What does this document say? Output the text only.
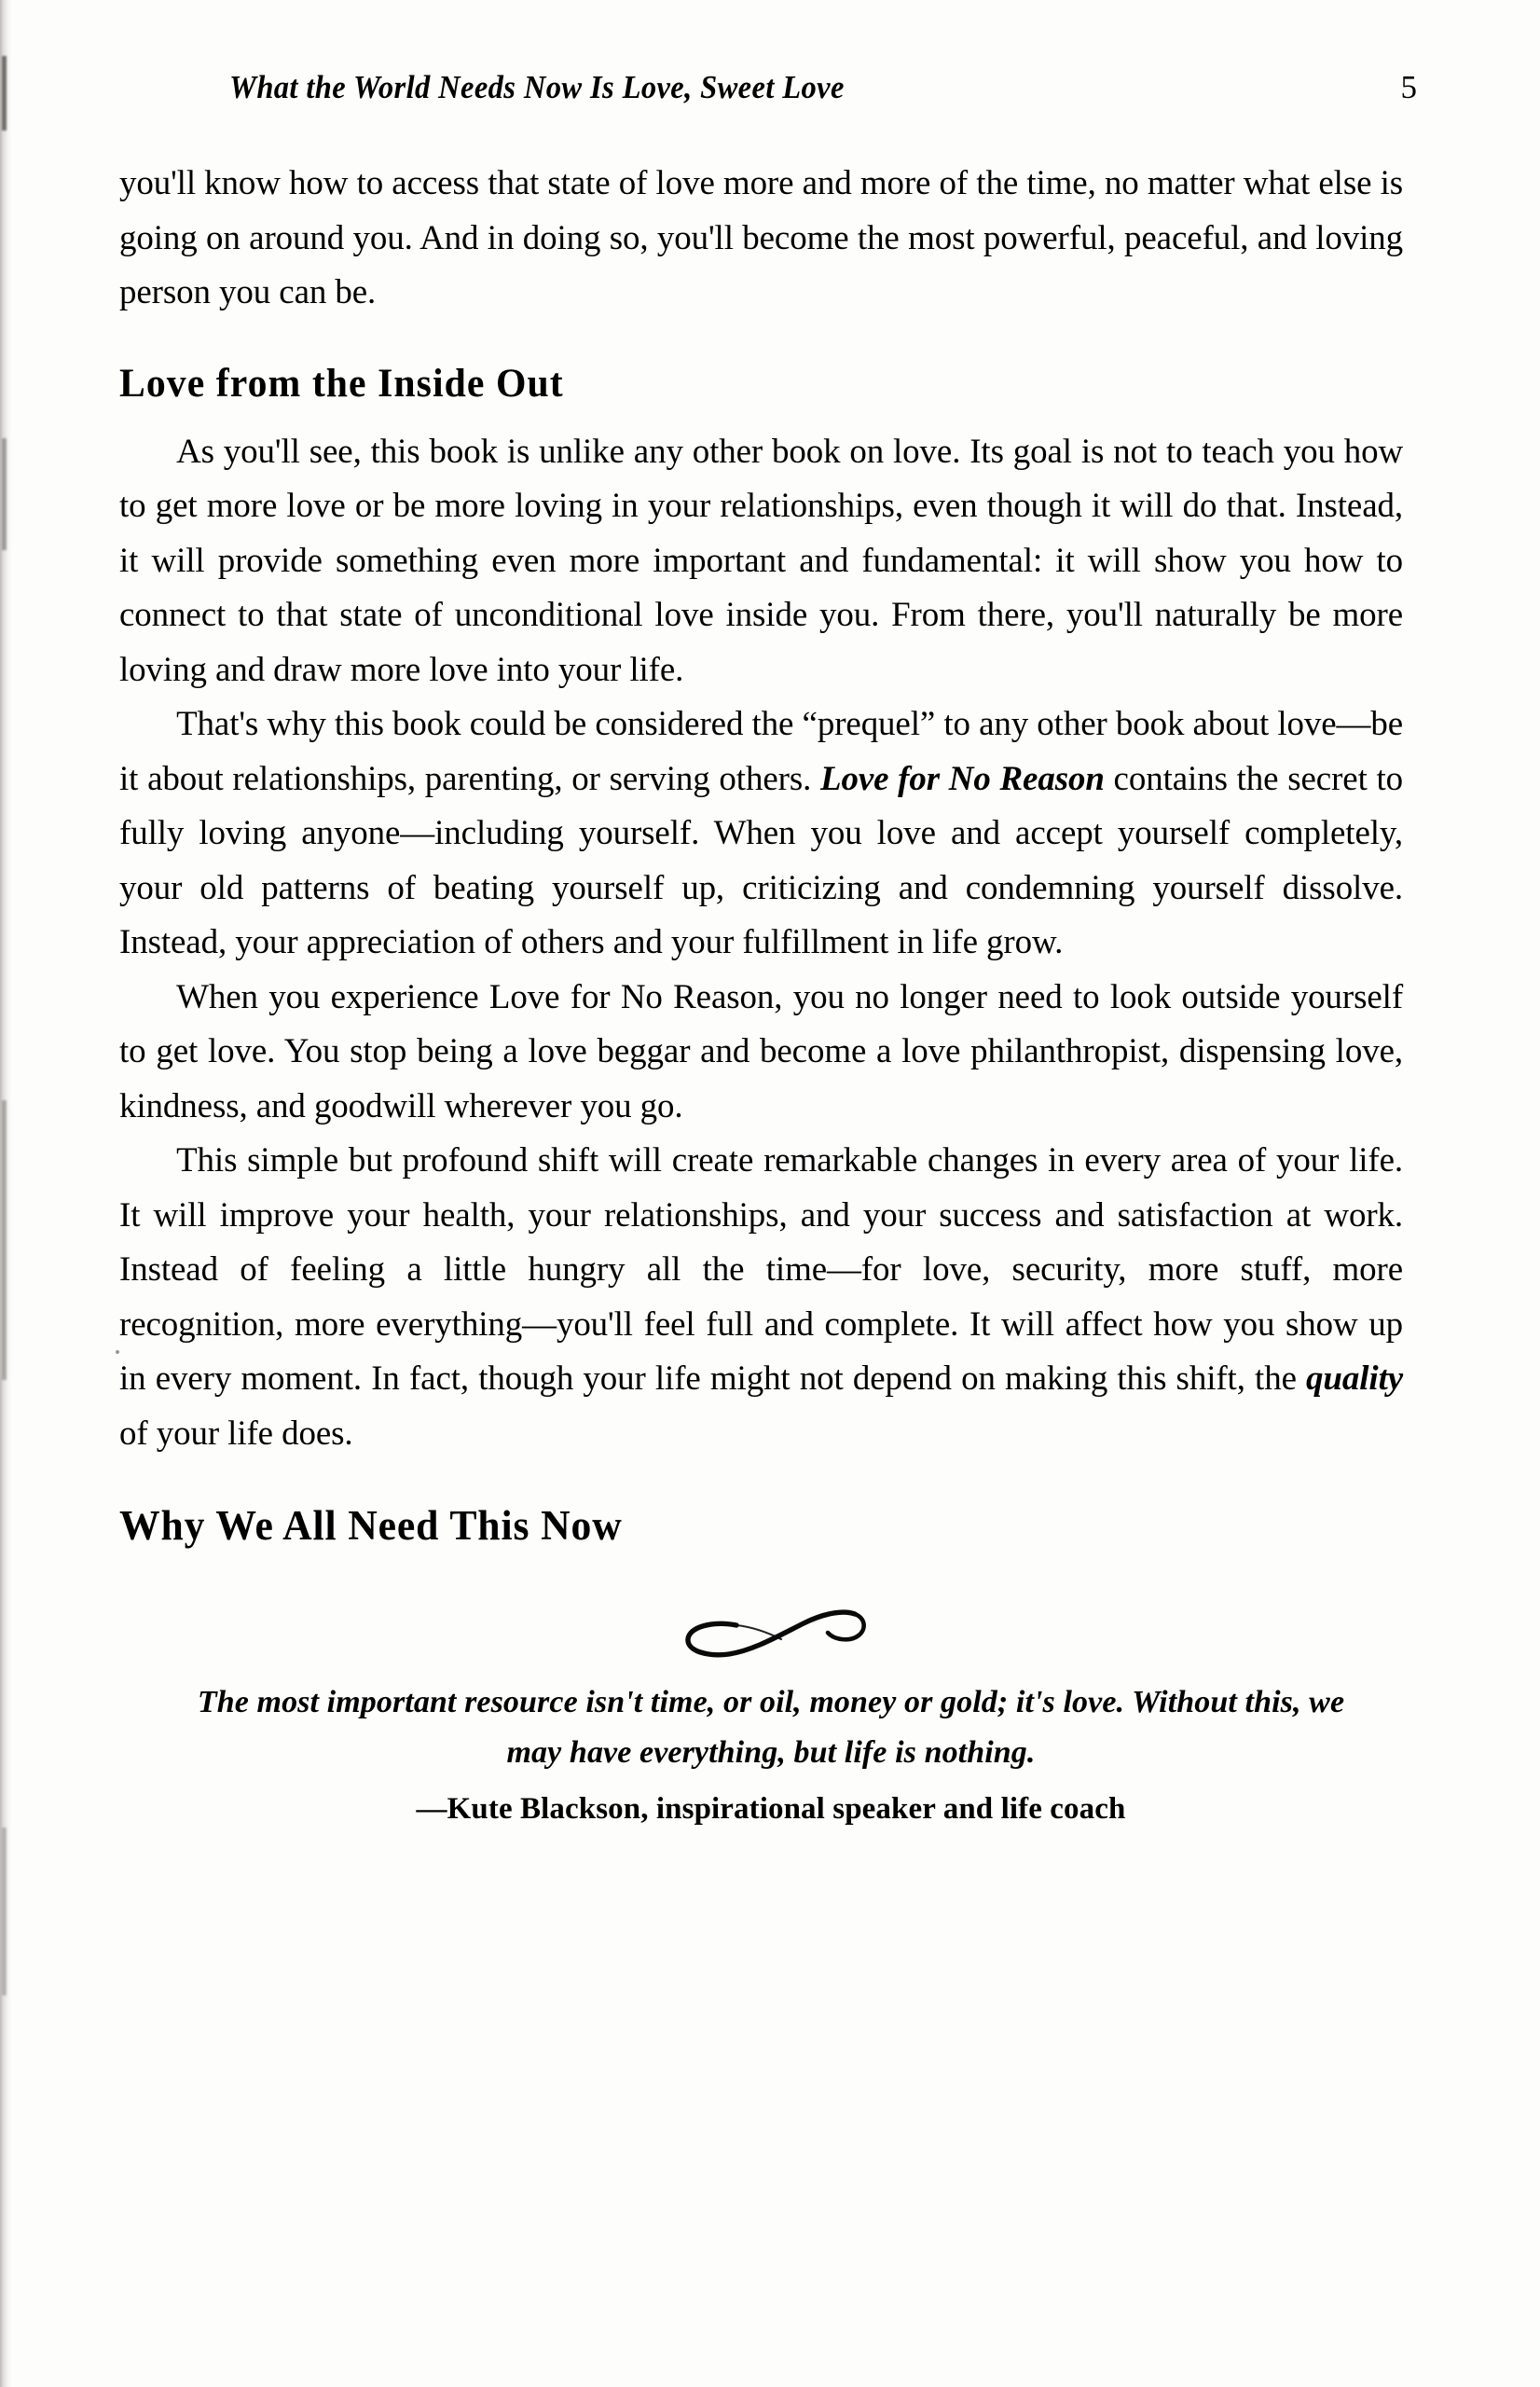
What the World Needs Now Is Love, Sweet Love	5

you'll know how to access that state of love more and more of the time, no matter what else is going on around you. And in doing so, you'll become the most powerful, peaceful, and loving person you can be.

Love from the Inside Out

As you'll see, this book is unlike any other book on love. Its goal is not to teach you how to get more love or be more loving in your relationships, even though it will do that. Instead, it will provide something even more important and fundamental: it will show you how to connect to that state of unconditional love inside you. From there, you'll naturally be more loving and draw more love into your life.

That's why this book could be considered the “prequel” to any other book about love—be it about relationships, parenting, or serving others. Love for No Reason contains the secret to fully loving anyone—including yourself. When you love and accept yourself completely, your old patterns of beating yourself up, criticizing and condemning yourself dissolve. Instead, your appreciation of others and your fulfillment in life grow.

When you experience Love for No Reason, you no longer need to look outside yourself to get love. You stop being a love beggar and become a love philanthropist, dispensing love, kindness, and goodwill wherever you go.

This simple but profound shift will create remarkable changes in every area of your life. It will improve your health, your relationships, and your success and satisfaction at work. Instead of feeling a little hungry all the time—for love, security, more stuff, more recognition, more everything—you'll feel full and complete. It will affect how you show up in every moment. In fact, though your life might not depend on making this shift, the quality of your life does.

Why We All Need This Now

The most important resource isn't time, or oil, money or gold; it's love. Without this, we may have everything, but life is nothing.

—Kute Blackson, inspirational speaker and life coach
